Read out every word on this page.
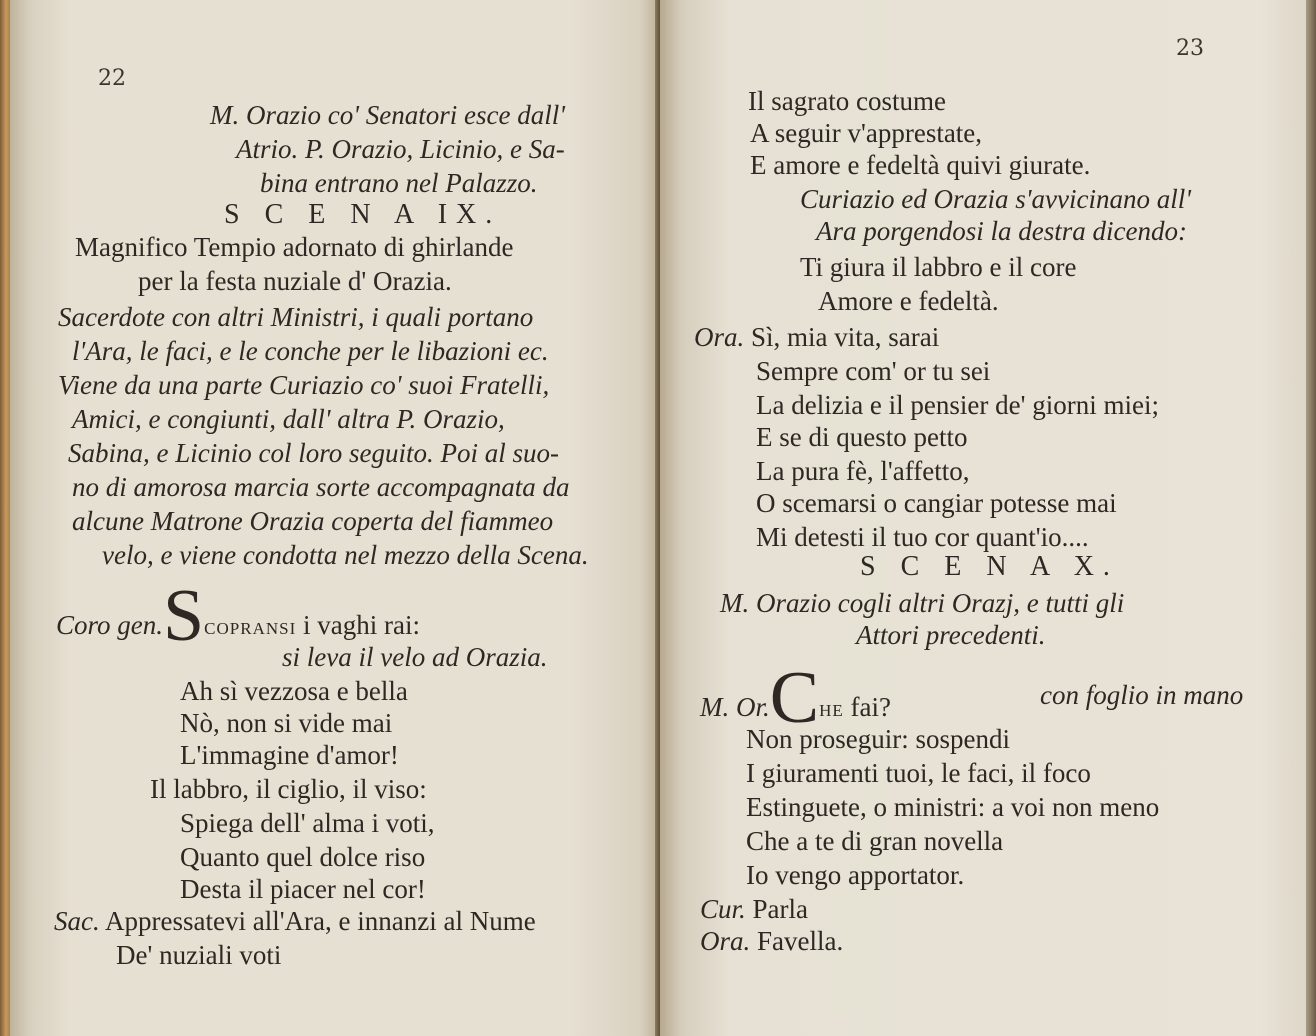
22
M. Orazio co' Senatori esce dall'
Atrio. P. Orazio, Licinio, e Sa-
bina entrano nel Palazzo.
S C E N A IX.
Magnifico Tempio adornato di ghirlande
per la festa nuziale d' Orazia.
Sacerdote con altri Ministri, i quali portano
l'Ara, le faci, e le conche per le libazioni ec.
Viene da una parte Curiazio co' suoi Fratelli,
Amici, e congiunti, dall' altra P. Orazio,
Sabina, e Licinio col loro seguito. Poi al suo-
no di amorosa marcia sorte accompagnata da
alcune Matrone Orazia coperta del fiammeo
velo, e viene condotta nel mezzo della Scena.
Coro gen.SCOPRANSI i vaghi rai:
si leva il velo ad Orazia.
Ah sì vezzosa e bella
Nò, non si vide mai
L'immagine d'amor!
Il labbro, il ciglio, il viso:
Spiega dell' alma i voti,
Quanto quel dolce riso
Desta il piacer nel cor!
Sac. Appressatevi all'Ara, e innanzi al Nume
De' nuziali voti
23
Il sagrato costume
A seguir v'apprestate,
E amore e fedeltà quivi giurate.
Curiazio ed Orazia s'avvicinano all'
Ara porgendosi la destra dicendo:
Ti giura il labbro e il core
Amore e fedeltà.
Ora. Sì, mia vita, sarai
Sempre com' or tu sei
La delizia e il pensier de' giorni miei;
E se di questo petto
La pura fè, l'affetto,
O scemarsi o cangiar potesse mai
Mi detesti il tuo cor quant'io....
S C E N A X.
M. Orazio cogli altri Orazj, e tutti gli
Attori precedenti.
M. Or.CHE fai?	con foglio in mano
Non proseguir: sospendi
I giuramenti tuoi, le faci, il foco
Estinguete, o ministri: a voi non meno
Che a te di gran novella
Io vengo apportator.
Cur. Parla
Ora. Favella.
